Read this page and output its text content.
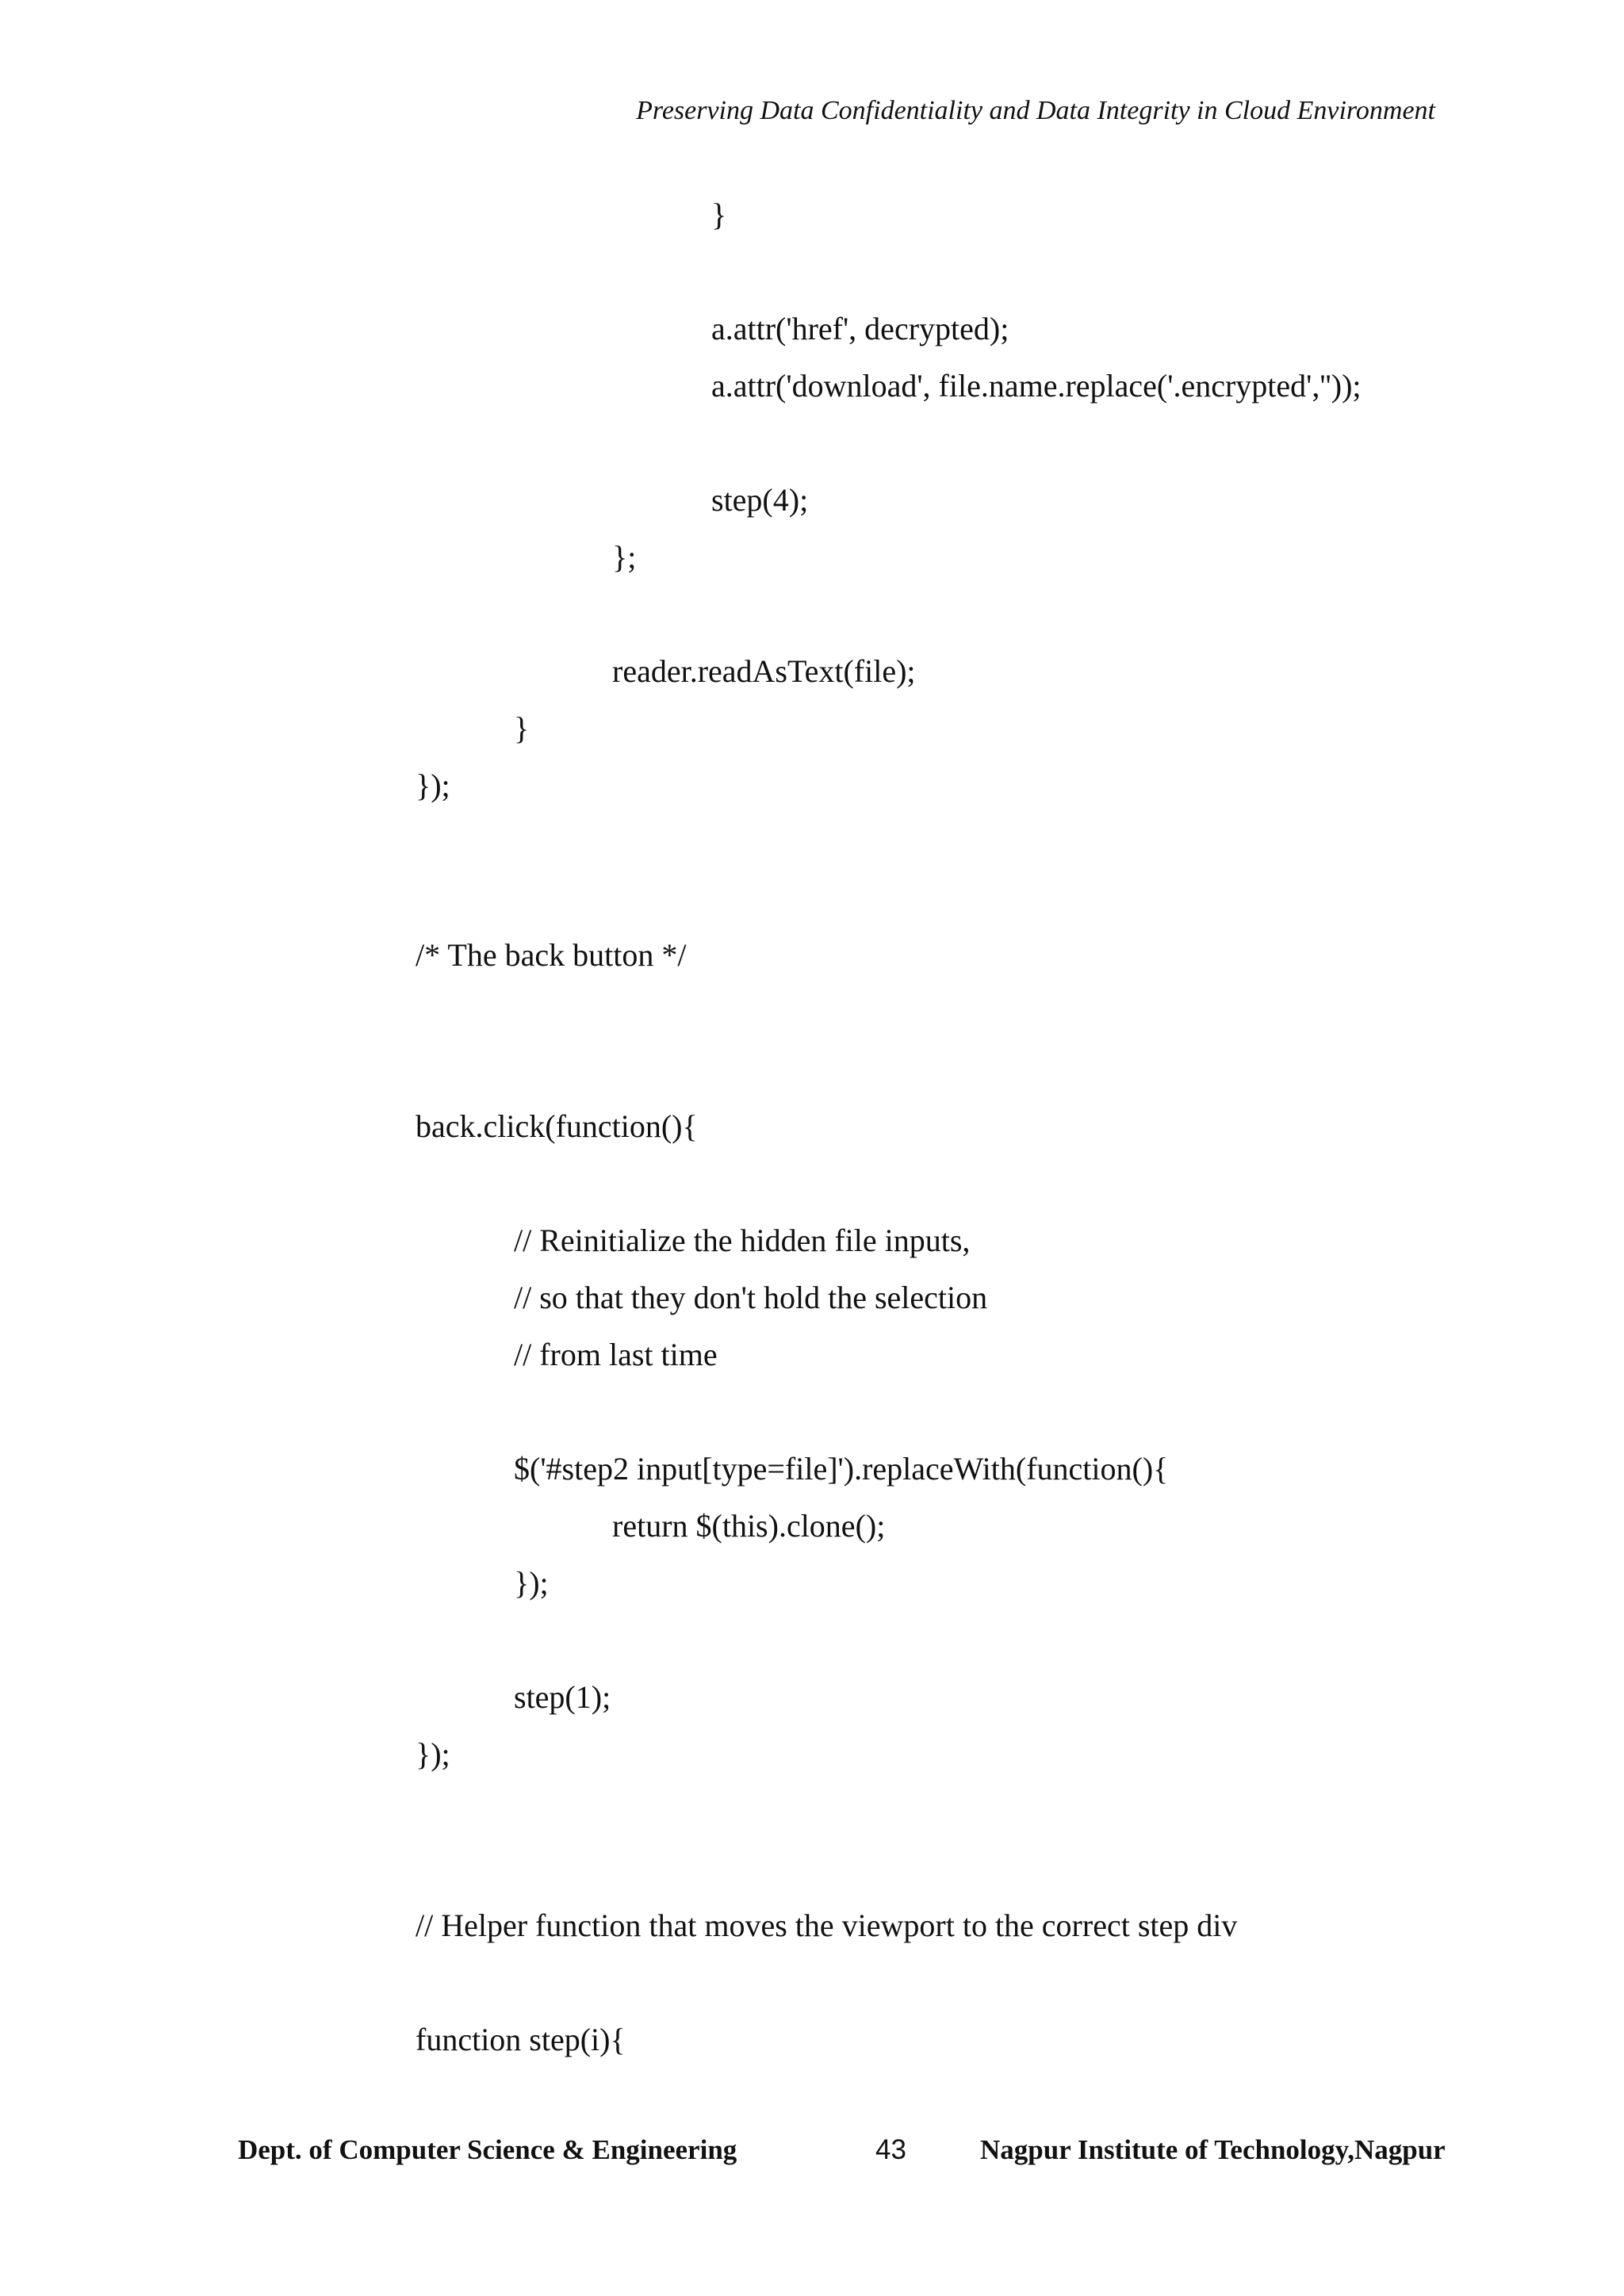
Preserving Data Confidentiality and Data Integrity in Cloud Environment
}
a.attr('href', decrypted);
a.attr('download', file.name.replace('.encrypted',''));
step(4);
};
reader.readAsText(file);
}
});
/* The back button */
back.click(function(){
// Reinitialize the hidden file inputs,
// so that they don't hold the selection
// from last time
$('#step2 input[type=file]').replaceWith(function(){
return $(this).clone();
});
step(1);
});
// Helper function that moves the viewport to the correct step div
function step(i){
Dept. of Computer Science & Engineering	43	Nagpur Institute of Technology,Nagpur
